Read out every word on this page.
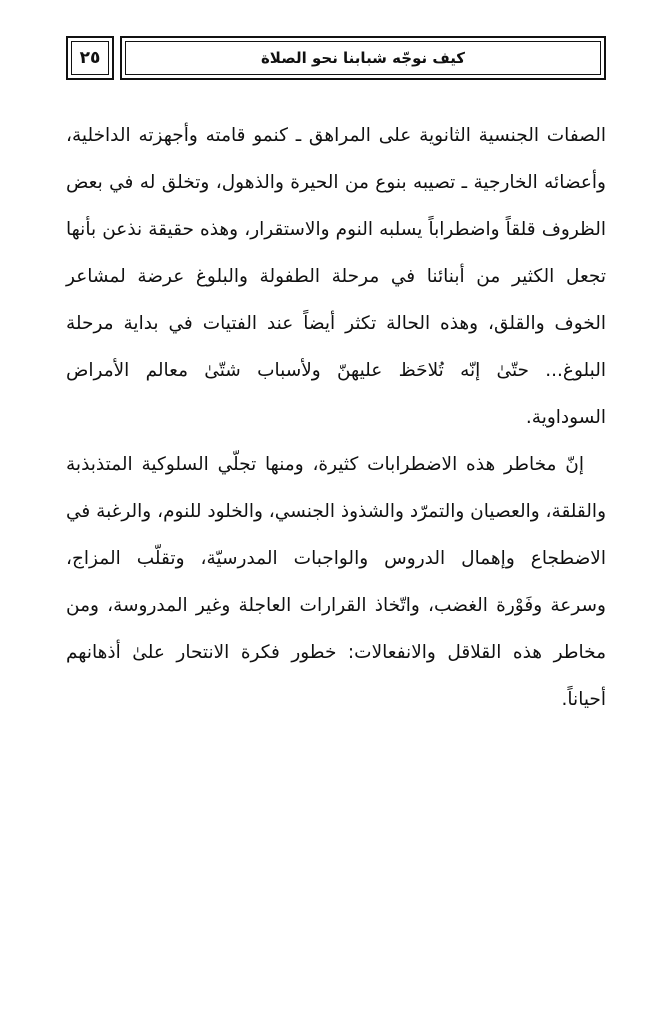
٢٥	كيف نوجّه شبابنا نحو الصلاة

الصفات الجنسية الثانوية على المراهق ـ كنمو قامته وأجهزته الداخلية، وأعضائه الخارجية ـ تصيبه بنوع من الحيرة والذهول، وتخلق له في بعض الظروف قلقاً واضطراباً يسلبه النوم والاستقرار، وهذه حقيقة نذعن بأنها تجعل الكثير من أبنائنا في مرحلة الطفولة والبلوغ عرضة لمشاعر الخوف والقلق، وهذه الحالة تكثر أيضاً عند الفتيات في بداية مرحلة البلوغ... حتّىٰ إنّه تُلاحَظ عليهنّ ولأسباب شتّىٰ معالم الأمراض السوداوية.

إنّ مخاطر هذه الاضطرابات كثيرة، ومنها تجلّي السلوكية المتذبذبة والقلقة، والعصيان والتمرّد والشذوذ الجنسي، والخلود للنوم، والرغبة في الاضطجاع وإهمال الدروس والواجبات المدرسيّة، وتقلّب المزاج، وسرعة وفَوْرة الغضب، واتّخاذ القرارات العاجلة وغير المدروسة، ومن مخاطر هذه القلاقل والانفعالات: خطور فكرة الانتحار علىٰ أذهانهم أحياناً.
